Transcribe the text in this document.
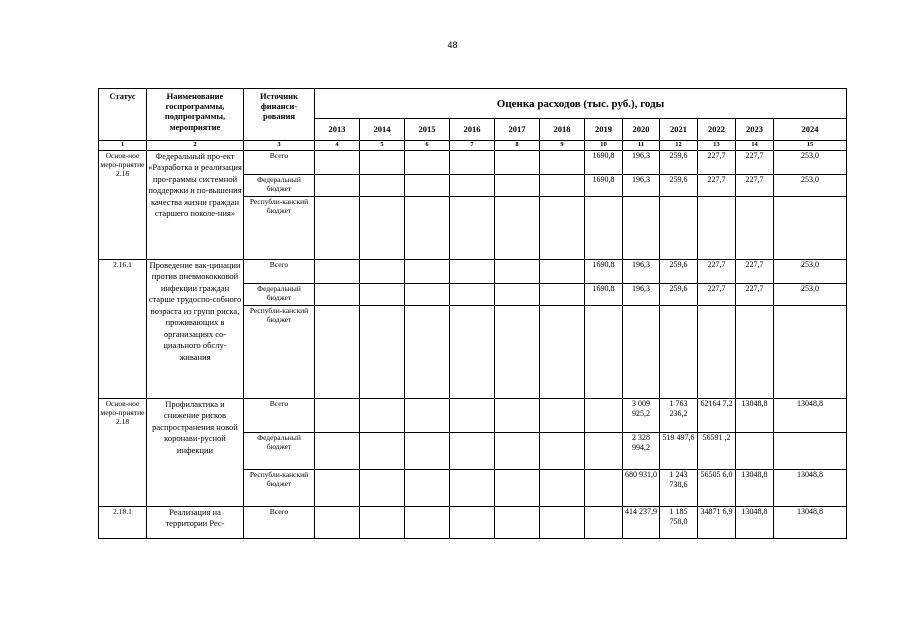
48
Статус	Наименование госпрограммы, подпрограммы, мероприятие	Источник финанси-рования	Оценка расходов (тыс. руб.), годы											
			2013	2014	2015	2016	2017	2018	2019	2020	2021	2022	2023	2024
1	2	3	4	5	6	7	8	9	10	11	12	13	14	15
Основ-ное меро-приятие 2.16	Федеральный про-ект «Разработка и реализация про-граммы системной поддержки и по-вышения качества жизни граждан старшего поколе-ния»	Всего							1690,8	196,3	259,6	227,7	227,7	253,0
		Федеральный бюджет							1690,8	196,3	259,6	227,7	227,7	253,0
		Республи-канский бюджет												
2.16.1	Проведение вак-цинации против пневмококковой инфекции граждан старше трудоспо-собного возраста из групп риска, проживающих в организациях со-циального обслу-живания	Всего							1690,8	196,3	259,6	227,7	227,7	253,0
		Федеральный бюджет							1690,8	196,3	259,6	227,7	227,7	253,0
		Республи-канский бюджет												
Основ-ное меро-приятие 2.18	Профилактика и снижение рисков распространения новой коронави-русной инфекции	Всего								3 009 925,2	1 763 236,2	62164 7,2	13048,8	13048,8
		Федеральный бюджет								2 328 994,2	519 497,6	56591 ,2		
		Республи-канский бюджет								680 931,0	1 243 738,6	56505 6,0	13048,8	13048,8
2.18.1	Реализация на территории Рес-	Всего								414 237,9	1 185 758,0	34871 6,9	13048,8	13048,8
